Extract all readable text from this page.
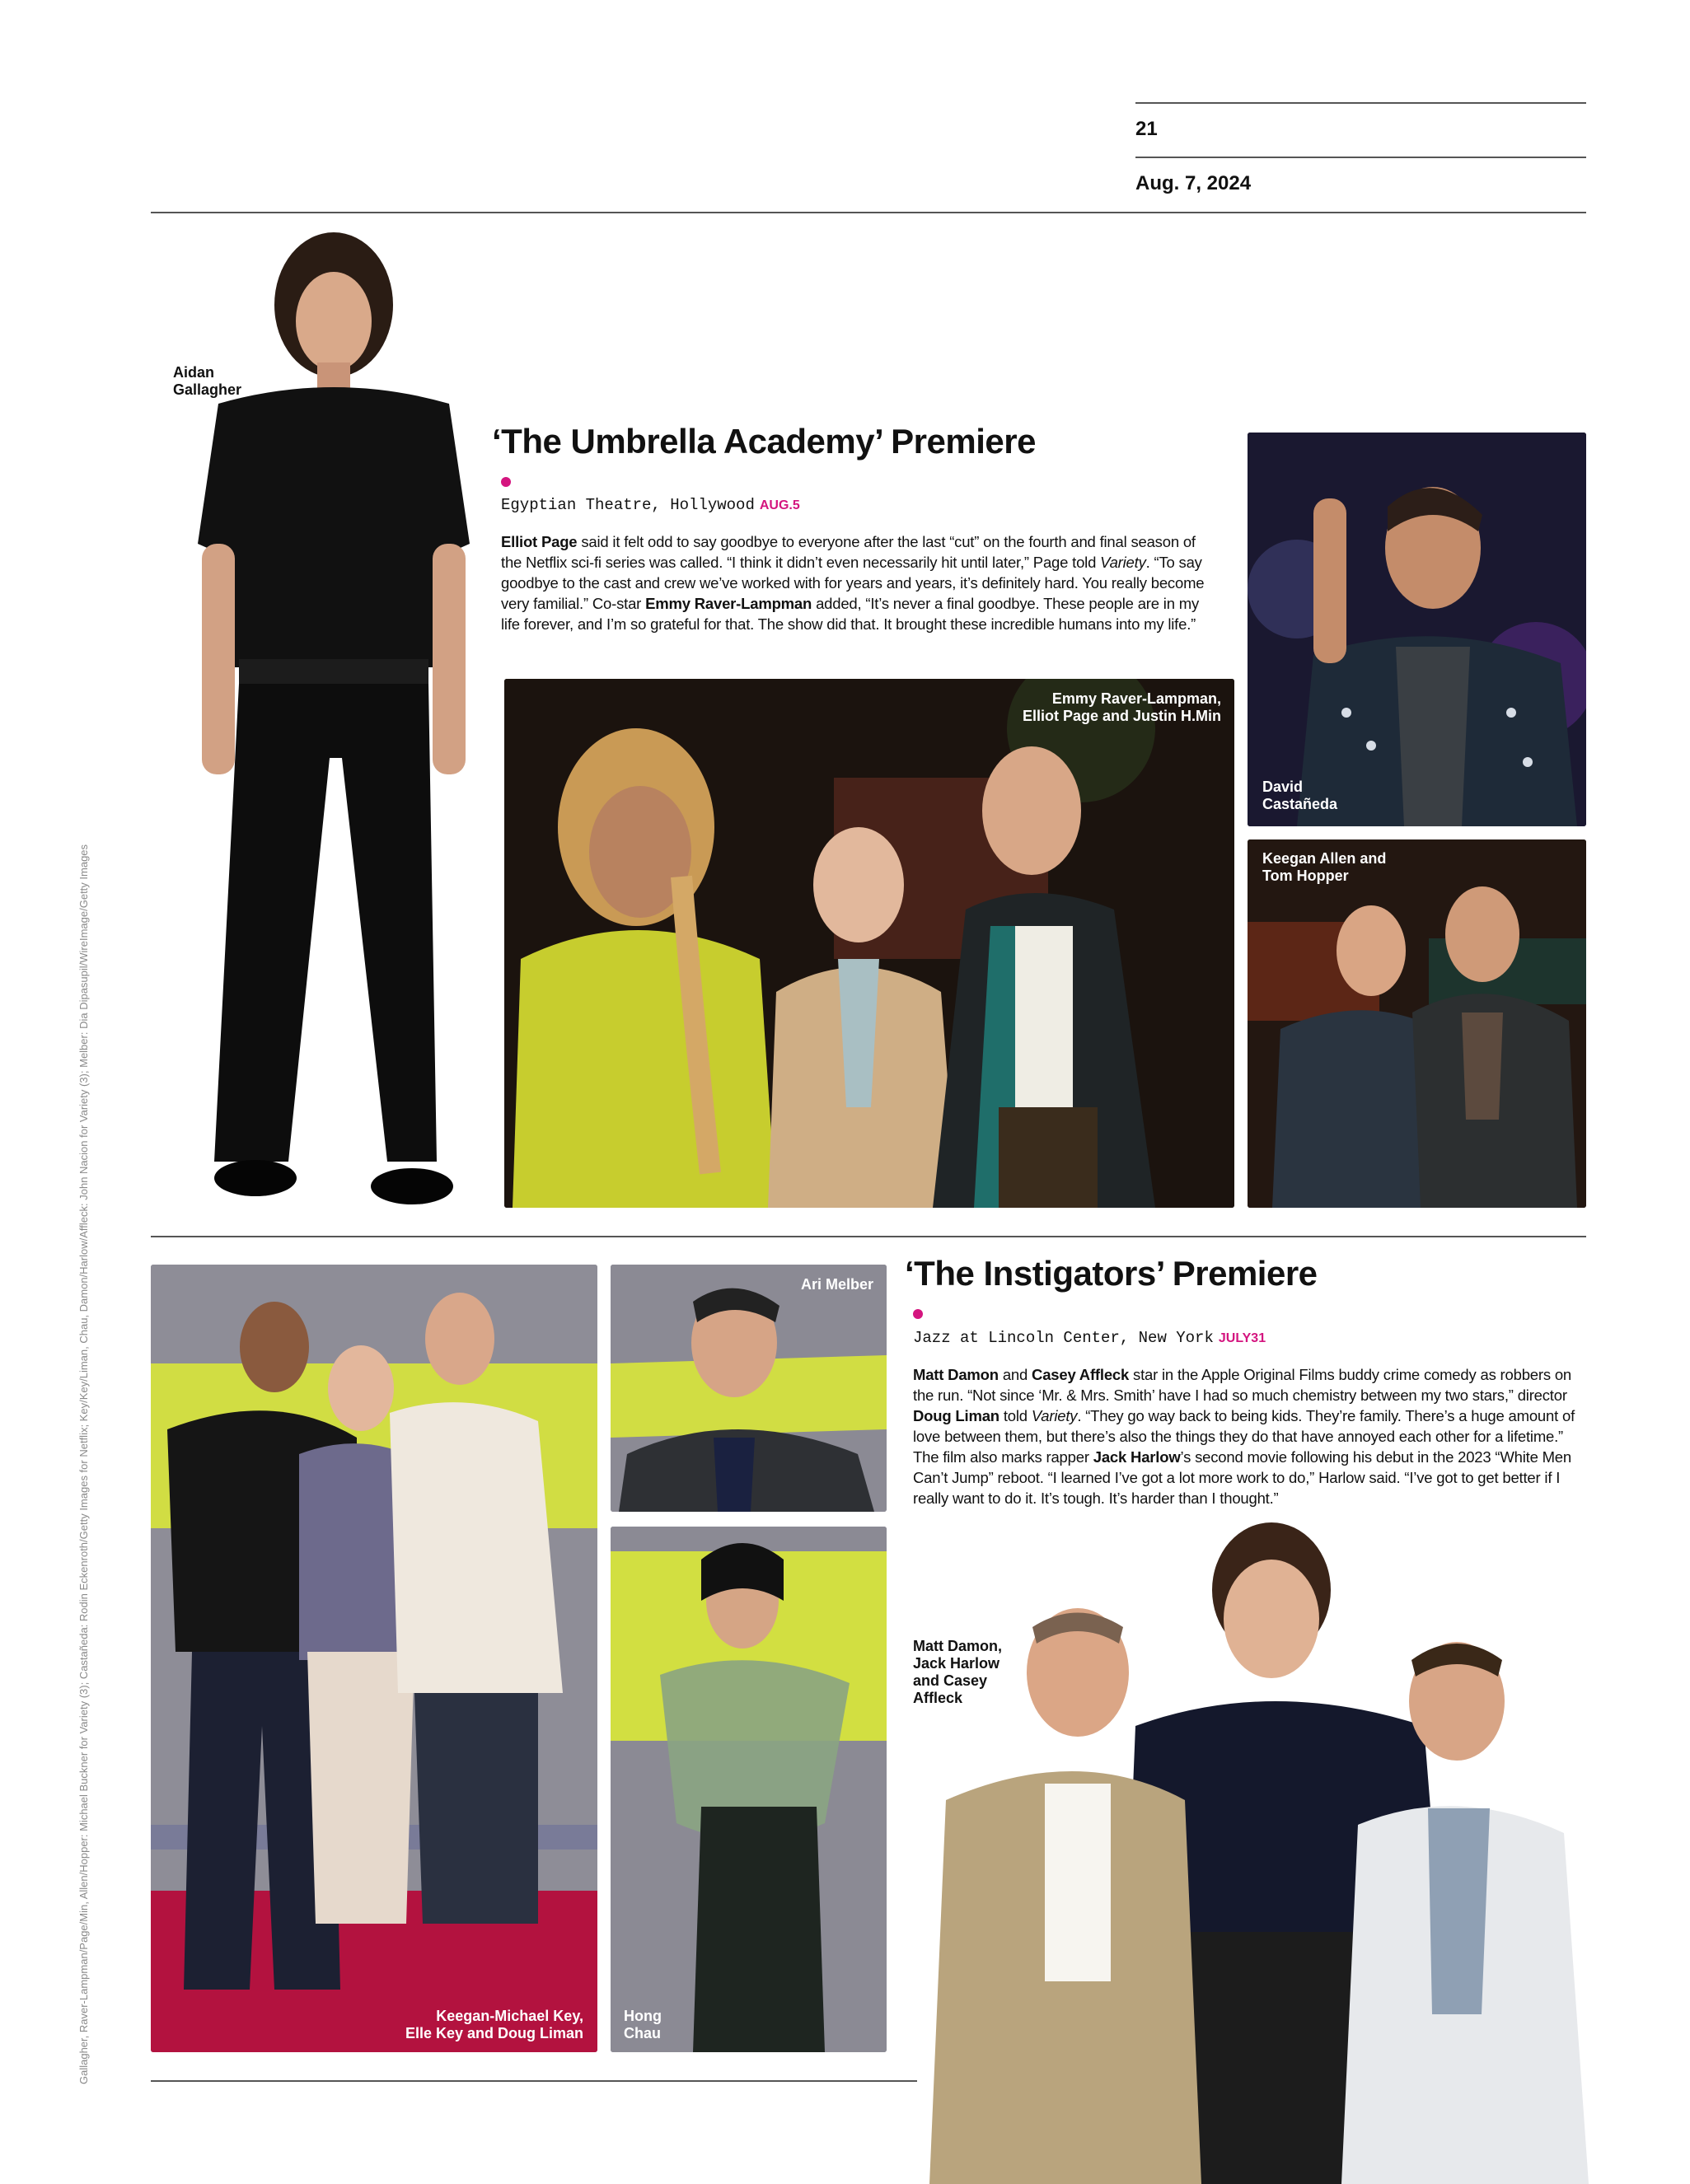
21
Aug. 7, 2024
Aidan
Gallagher
‘The Umbrella Academy’ Premiere
Egyptian Theatre, Hollywood AUG.5
Elliot Page said it felt odd to say goodbye to everyone after the last “cut” on the fourth and final season of the Netflix sci-fi series was called. “I think it didn’t even necessarily hit until later,” Page told Variety. “To say goodbye to the cast and crew we’ve worked with for years and years, it’s definitely hard. You really become very familial.” Co-star Emmy Raver-Lampman added, “It’s never a final goodbye. These people are in my life forever, and I’m so grateful for that. The show did that. It brought these incredible humans into my life.”
Emmy Raver-Lampman,
Elliot Page and Justin H.Min
David
Castañeda
Keegan Allen and
Tom Hopper
Keegan-Michael Key,
Elle Key and Doug Liman
Ari Melber
Hong
Chau
‘The Instigators’ Premiere
Jazz at Lincoln Center, New York JULY31
Matt Damon and Casey Affleck star in the Apple Original Films buddy crime comedy as robbers on the run. “Not since ‘Mr. & Mrs. Smith’ have I had so much chemistry between my two stars,” director Doug Liman told Variety. “They go way back to being kids. They’re family. There’s a huge amount of love between them, but there’s also the things they do that have annoyed each other for a lifetime.” The film also marks rapper Jack Harlow’s second movie following his debut in the 2023 “White Men Can’t Jump” reboot. “I learned I’ve got a lot more work to do,” Harlow said. “I’ve got to get better if I really want to do it. It’s tough. It’s harder than I thought.”
Matt Damon,
Jack Harlow
and Casey
Affleck
Gallagher, Raver-Lampman/Page/Min, Allen/Hopper: Michael Buckner for Variety (3); Castañeda: Rodin Eckenroth/Getty Images for Netflix; Key/Key/Liman, Chau, Damon/Harlow/Affleck: John Nacion for Variety (3); Melber: Dia Dipasupil/WireImage/Getty Images
